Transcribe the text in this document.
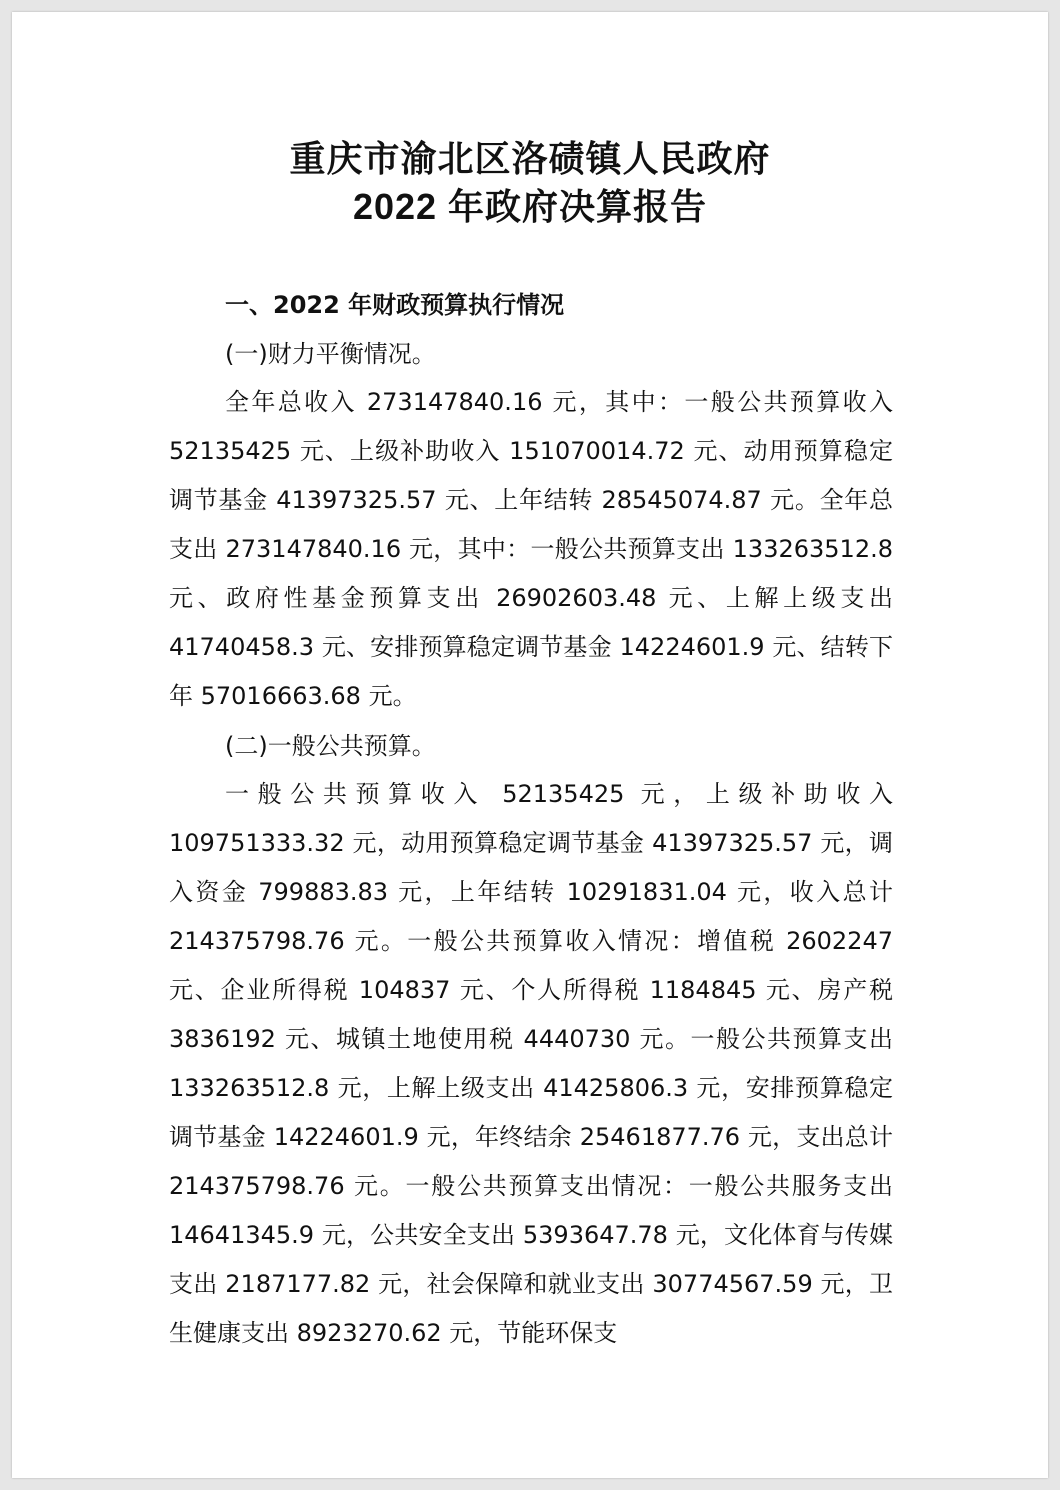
重庆市渝北区洛碛镇人民政府
2022 年政府决算报告
一、2022 年财政预算执行情况
(一)财力平衡情况。

全年总收入 273147840.16 元，其中：一般公共预算收入 52135425 元、上级补助收入 151070014.72 元、动用预算稳定调节基金 41397325.57 元、上年结转 28545074.87 元。全年总支出 273147840.16 元，其中：一般公共预算支出 133263512.8 元、政府性基金预算支出 26902603.48 元、上解上级支出 41740458.3 元、安排预算稳定调节基金 14224601.9 元、结转下年 57016663.68 元。

(二)一般公共预算。

一般公共预算收入 52135425 元，上级补助收入 109751333.32 元，动用预算稳定调节基金 41397325.57 元，调入资金 799883.83 元，上年结转 10291831.04 元，收入总计 214375798.76 元。一般公共预算收入情况：增值税 2602247 元、企业所得税 104837 元、个人所得税 1184845 元、房产税 3836192 元、城镇土地使用税 4440730 元。一般公共预算支出 133263512.8 元，上解上级支出 41425806.3 元，安排预算稳定调节基金 14224601.9 元，年终结余 25461877.76 元，支出总计 214375798.76 元。一般公共预算支出情况：一般公共服务支出 14641345.9 元，公共安全支出 5393647.78 元，文化体育与传媒支出 2187177.82 元，社会保障和就业支出 30774567.59 元，卫生健康支出 8923270.62 元，节能环保支
